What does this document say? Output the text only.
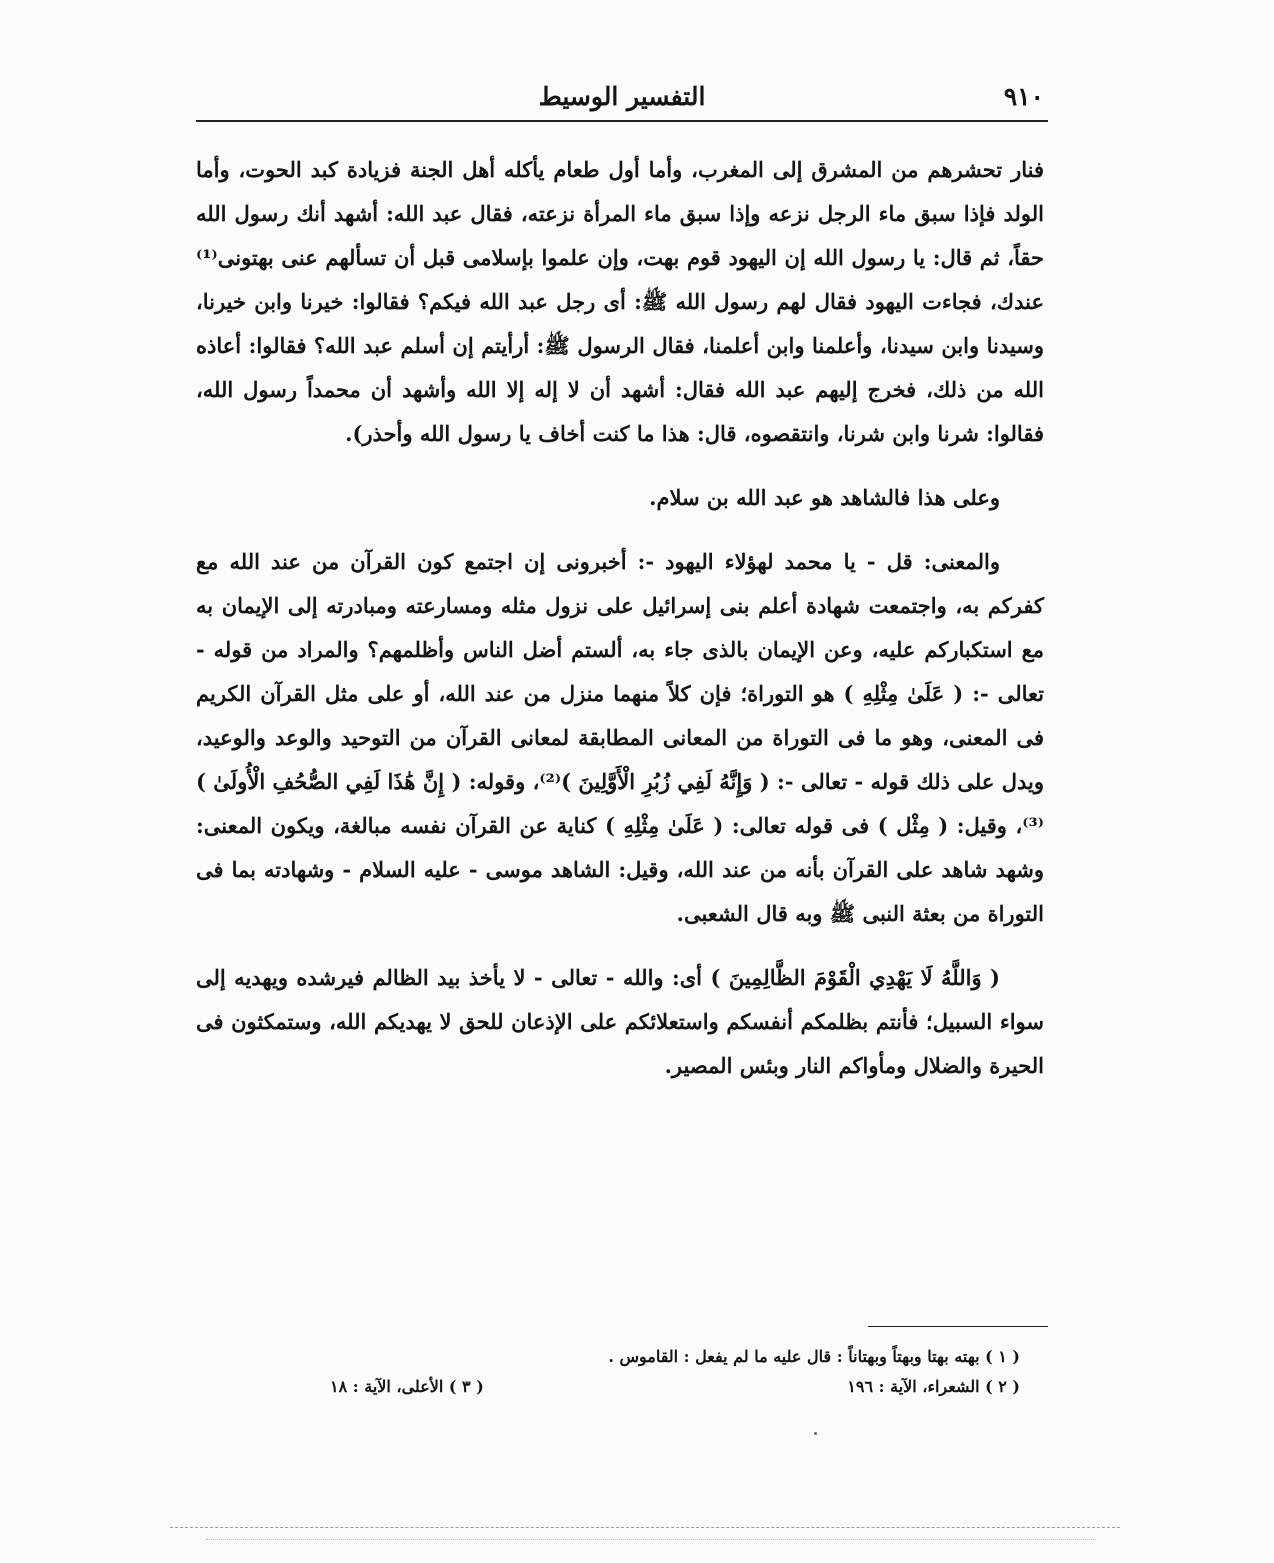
٩١٠
التفسير الوسيط

فنار تحشرهم من المشرق إلى المغرب، وأما أول طعام يأكله أهل الجنة فزيادة كبد الحوت، وأما الولد فإذا سبق ماء الرجل نزعه وإذا سبق ماء المرأة نزعته، فقال عبد الله: أشهد أنك رسول الله حقاً، ثم قال: يا رسول الله إن اليهود قوم بهت، وإن علموا بإسلامى قبل أن تسألهم عنى بهتونى⁽¹⁾ عندك، فجاءت اليهود فقال لهم رسول الله ﷺ: أى رجل عبد الله فيكم؟ فقالوا: خيرنا وابن خيرنا، وسيدنا وابن سيدنا، وأعلمنا وابن أعلمنا، فقال الرسول ﷺ: أرأيتم إن أسلم عبد الله؟ فقالوا: أعاذه الله من ذلك، فخرج إليهم عبد الله فقال: أشهد أن لا إله إلا الله وأشهد أن محمداً رسول الله، فقالوا: شرنا وابن شرنا، وانتقصوه، قال: هذا ما كنت أخاف يا رسول الله وأحذر).

وعلى هذا فالشاهد هو عبد الله بن سلام.

والمعنى: قل - يا محمد لهؤلاء اليهود -: أخبرونى إن اجتمع كون القرآن من عند الله مع كفركم به، واجتمعت شهادة أعلم بنى إسرائيل على نزول مثله ومسارعته ومبادرته إلى الإيمان به مع استكباركم عليه، وعن الإيمان بالذى جاء به، ألستم أضل الناس وأظلمهم؟ والمراد من قوله - تعالى -: ( عَلَىٰ مِثْلِهِ ) هو التوراة؛ فإن كلاً منهما منزل من عند الله، أو على مثل القرآن الكريم فى المعنى، وهو ما فى التوراة من المعانى المطابقة لمعانى القرآن من التوحيد والوعد والوعيد، ويدل على ذلك قوله - تعالى -: ( وَإِنَّهُ لَفِي زُبُرِ الْأَوَّلِينَ )⁽²⁾، وقوله: ( إِنَّ هَٰذَا لَفِي الصُّحُفِ الْأُولَىٰ )⁽³⁾، وقيل: ( مِثْل ) فى قوله تعالى: ( عَلَىٰ مِثْلِهِ ) كناية عن القرآن نفسه مبالغة، ويكون المعنى: وشهد شاهد على القرآن بأنه من عند الله، وقيل: الشاهد موسى - عليه السلام - وشهادته بما فى التوراة من بعثة النبى ﷺ وبه قال الشعبى.

( وَاللَّهُ لَا يَهْدِي الْقَوْمَ الظَّالِمِينَ ) أى: والله - تعالى - لا يأخذ بيد الظالم فيرشده ويهديه إلى سواء السبيل؛ فأنتم بظلمكم أنفسكم واستعلائكم على الإذعان للحق لا يهديكم الله، وستمكثون فى الحيرة والضلال ومأواكم النار وبئس المصير.

( ١ ) بهته بهتا وبهتاً وبهتاناً : قال عليه ما لم يفعل : القاموس .
( ٢ ) الشعراء، الآية : ١٩٦
( ٣ ) الأعلى، الآية : ١٨
